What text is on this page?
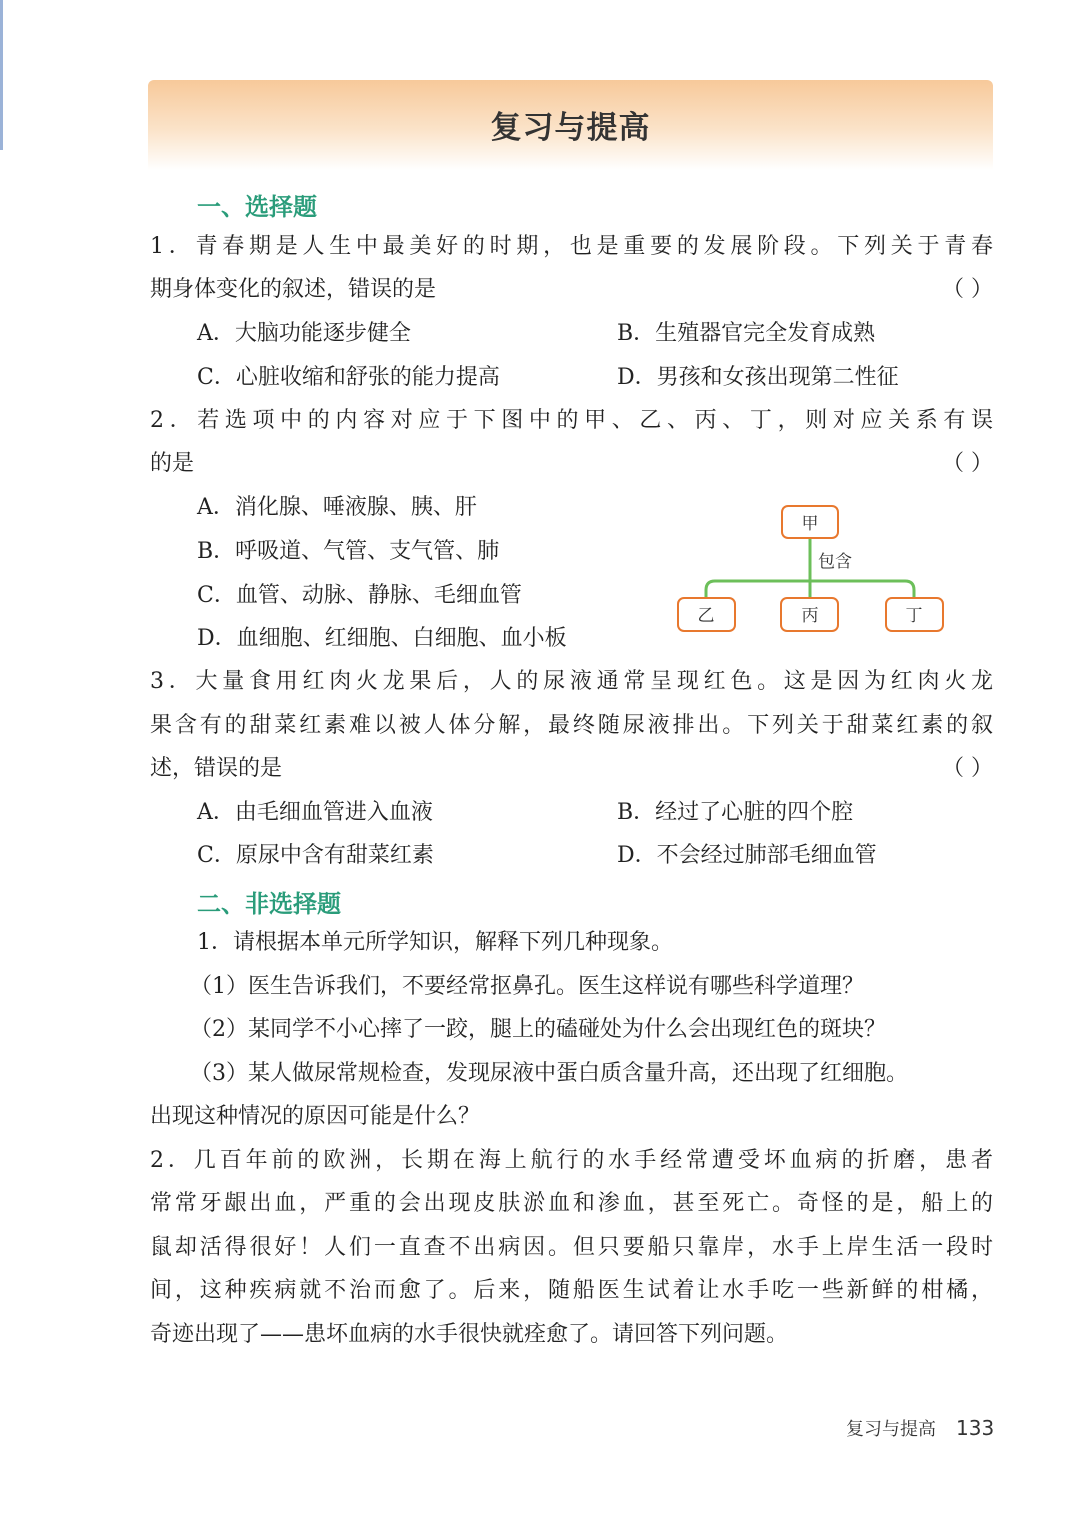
复习与提高
一、选择题
1．青春期是人生中最美好的时期，也是重要的发展阶段。下列关于青春
期身体变化的叙述，错误的是	（ ）
A．大脑功能逐步健全	B．生殖器官完全发育成熟
C．心脏收缩和舒张的能力提高	D．男孩和女孩出现第二性征
2．若选项中的内容对应于下图中的甲、乙、丙、丁，则对应关系有误
的是	（ ）
A．消化腺、唾液腺、胰、肝
B．呼吸道、气管、支气管、肺
C．血管、动脉、静脉、毛细血管
D．血细胞、红细胞、白细胞、血小板
甲
包含
乙	丙	丁
3．大量食用红肉火龙果后，人的尿液通常呈现红色。这是因为红肉火龙
果含有的甜菜红素难以被人体分解，最终随尿液排出。下列关于甜菜红素的叙
述，错误的是	（ ）
A．由毛细血管进入血液	B．经过了心脏的四个腔
C．原尿中含有甜菜红素	D．不会经过肺部毛细血管
二、非选择题
1．请根据本单元所学知识，解释下列几种现象。
（1）医生告诉我们，不要经常抠鼻孔。医生这样说有哪些科学道理？
（2）某同学不小心摔了一跤，腿上的磕碰处为什么会出现红色的斑块？
（3）某人做尿常规检查，发现尿液中蛋白质含量升高，还出现了红细胞。
出现这种情况的原因可能是什么？
2．几百年前的欧洲，长期在海上航行的水手经常遭受坏血病的折磨，患者
常常牙龈出血，严重的会出现皮肤淤血和渗血，甚至死亡。奇怪的是，船上的
鼠却活得很好！人们一直查不出病因。但只要船只靠岸，水手上岸生活一段时
间，这种疾病就不治而愈了。后来，随船医生试着让水手吃一些新鲜的柑橘，
奇迹出现了——患坏血病的水手很快就痊愈了。请回答下列问题。
复习与提高 133
